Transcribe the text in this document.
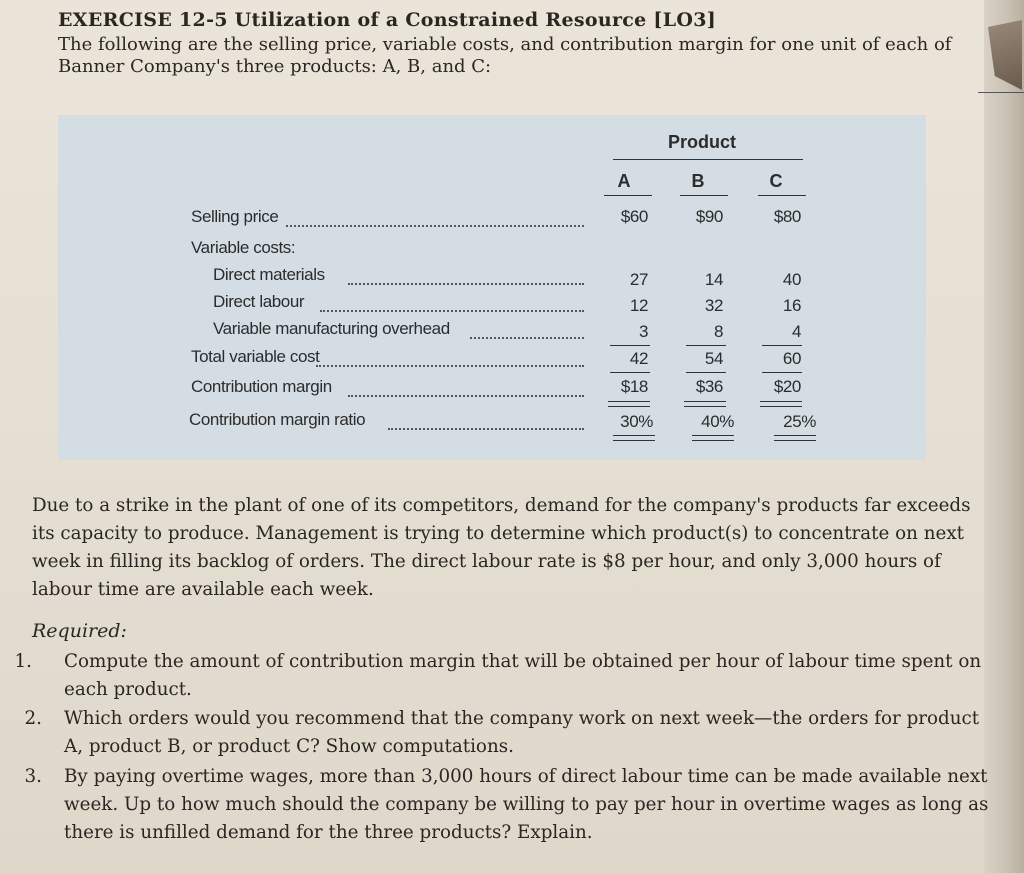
EXERCISE 12-5 Utilization of a Constrained Resource [LO3]
The following are the selling price, variable costs, and contribution margin for one unit of each of Banner Company's three products: A, B, and C:
Product
A	B	C
Selling price	$60	$90	$80
Variable costs:
Direct materials	27	14	40
Direct labour	12	32	16
Variable manufacturing overhead	3	8	4
Total variable cost	42	54	60
Contribution margin	$18	$36	$20
Contribution margin ratio	30%	40%	25%
Due to a strike in the plant of one of its competitors, demand for the company's products far exceeds its capacity to produce. Management is trying to determine which product(s) to concentrate on next week in filling its backlog of orders. The direct labour rate is $8 per hour, and only 3,000 hours of labour time are available each week.
Required:
1. Compute the amount of contribution margin that will be obtained per hour of labour time spent on each product.
2. Which orders would you recommend that the company work on next week—the orders for product A, product B, or product C? Show computations.
3. By paying overtime wages, more than 3,000 hours of direct labour time can be made available next week. Up to how much should the company be willing to pay per hour in overtime wages as long as there is unfilled demand for the three products? Explain.
